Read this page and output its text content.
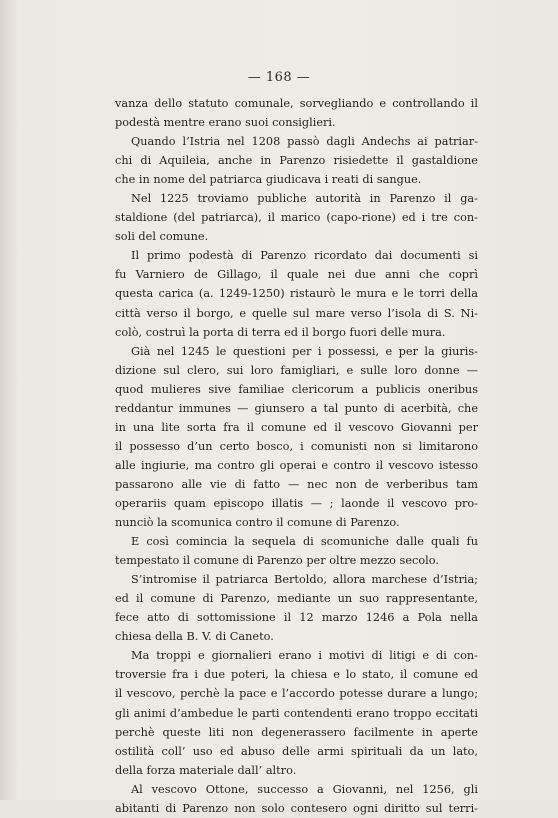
— 168 —
vanza dello statuto comunale, sorvegliando e controllando il
podestà mentre erano suoi consiglieri.
Quando l’Istria nel 1208 passò dagli Andechs ai patriar-
chi di Aquileia, anche in Parenzo risiedette il gastaldione
che in nome del patriarca giudicava i reati di sangue.
Nel 1225 troviamo publiche autorità in Parenzo il ga-
staldione (del patriarca), il marico (capo-rione) ed i tre con-
soli del comune.
Il primo podestà di Parenzo ricordato dai documenti si
fu Varniero de Gillago, il quale nei due anni che coprì
questa carica (a. 1249-1250) ristaurò le mura e le torri della
città verso il borgo, e quelle sul mare verso l’isola di S. Ni-
colò, costruì la porta di terra ed il borgo fuori delle mura.
Già nel 1245 le questioni per i possessi, e per la giuris-
dizione sul clero, sui loro famigliari, e sulle loro donne —
quod mulieres sive familiae clericorum a publicis oneribus
reddantur immunes — giunsero a tal punto di acerbità, che
in una lite sorta fra il comune ed il vescovo Giovanni per
il possesso d’un certo bosco, i comunisti non si limitarono
alle ingiurie, ma contro gli operai e contro il vescovo istesso
passarono alle vie di fatto — nec non de verberibus tam
operariis quam episcopo illatis — ; laonde il vescovo pro-
nunciò la scomunica contro il comune di Parenzo.
E così comincia la sequela di scomuniche dalle quali fu
tempestato il comune di Parenzo per oltre mezzo secolo.
S’intromise il patriarca Bertoldo, allora marchese d’Istria;
ed il comune di Parenzo, mediante un suo rappresentante,
fece atto di sottomissione il 12 marzo 1246 a Pola nella
chiesa della B. V. di Caneto.
Ma troppi e giornalieri erano i motivi di litigi e di con-
troversie fra i due poteri, la chiesa e lo stato, il comune ed
il vescovo, perchè la pace e l’accordo potesse durare a lungo;
gli animi d’ambedue le parti contendenti erano troppo eccitati
perchè queste liti non degenerassero facilmente in aperte
ostilità coll’ uso ed abuso delle armi spirituali da un lato,
della forza materiale dall’ altro.
Al vescovo Ottone, successo a Giovanni, nel 1256, gli
abitanti di Parenzo non solo contesero ogni diritto sul terri-
